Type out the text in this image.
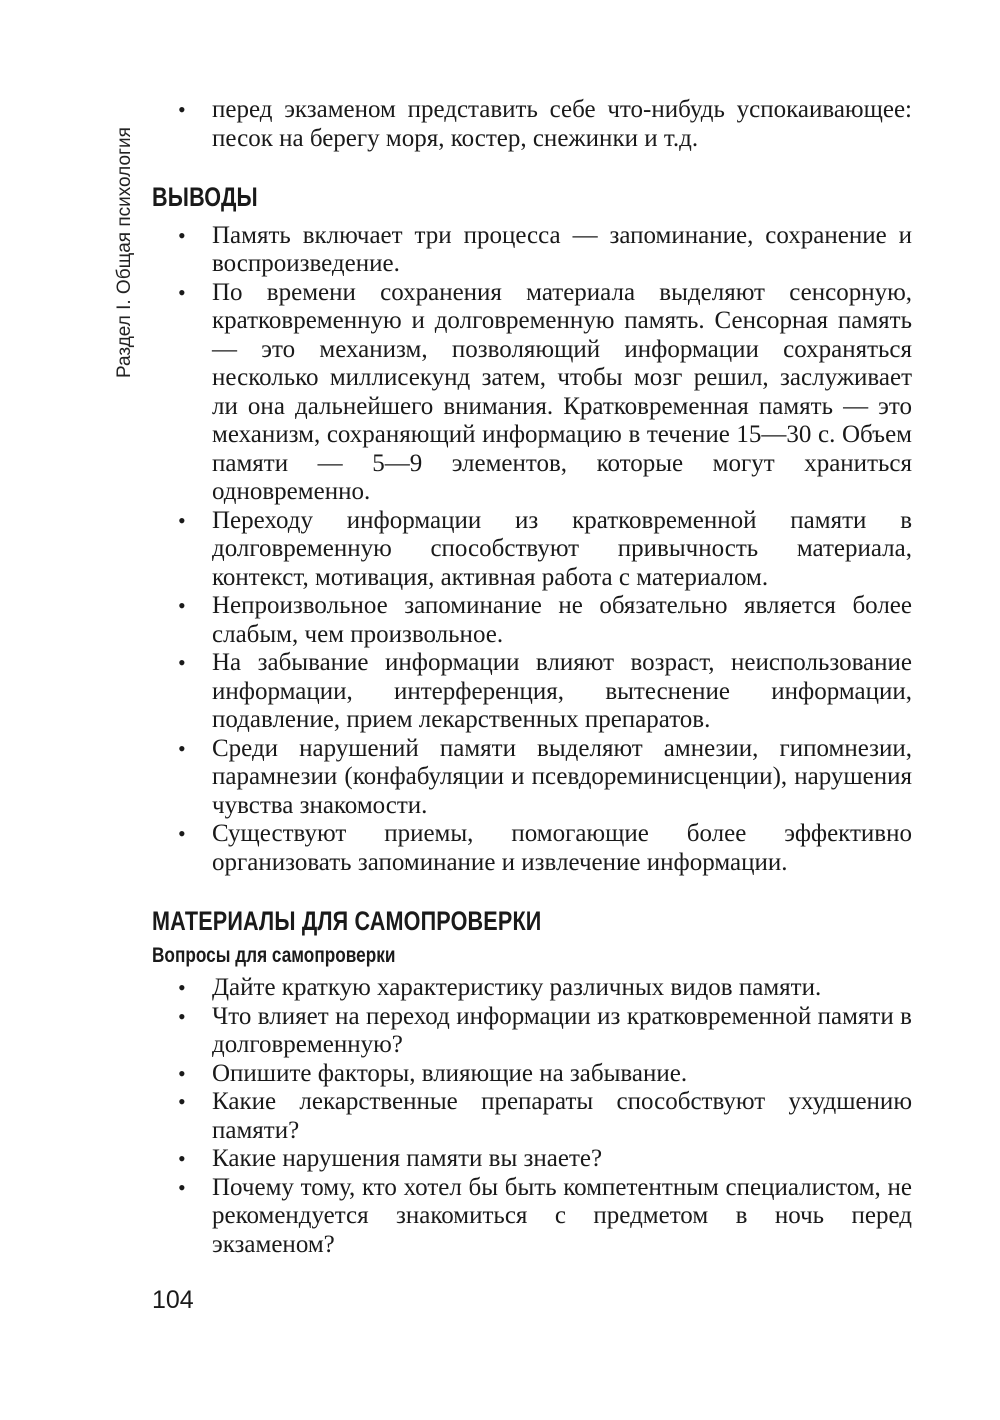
Раздел I. Общая психология
• перед экзаменом представить себе что-нибудь успокаивающее: песок на берегу моря, костер, снежинки и т.д.
ВЫВОДЫ
• Память включает три процесса — запоминание, сохранение и воспроизведение.
• По времени сохранения материала выделяют сенсорную, кратковременную и долговременную память. Сенсорная память — это механизм, позволяющий информации сохраняться несколько миллисекунд затем, чтобы мозг решил, заслуживает ли она дальнейшего внимания. Кратковременная память — это механизм, сохраняющий информацию в течение 15—30 с. Объем памяти — 5—9 элементов, которые могут храниться одновременно.
• Переходу информации из кратковременной памяти в долговременную способствуют привычность материала, контекст, мотивация, активная работа с материалом.
• Непроизвольное запоминание не обязательно является более слабым, чем произвольное.
• На забывание информации влияют возраст, неиспользование информации, интерференция, вытеснение информации, подавление, прием лекарственных препаратов.
• Среди нарушений памяти выделяют амнезии, гипомнезии, парамнезии (конфабуляции и псевдореминисценции), нарушения чувства знакомости.
• Существуют приемы, помогающие более эффективно организовать запоминание и извлечение информации.
МАТЕРИАЛЫ ДЛЯ САМОПРОВЕРКИ
Вопросы для самопроверки
• Дайте краткую характеристику различных видов памяти.
• Что влияет на переход информации из кратковременной памяти в долговременную?
• Опишите факторы, влияющие на забывание.
• Какие лекарственные препараты способствуют ухудшению памяти?
• Какие нарушения памяти вы знаете?
• Почему тому, кто хотел бы быть компетентным специалистом, не рекомендуется знакомиться с предметом в ночь перед экзаменом?
104
